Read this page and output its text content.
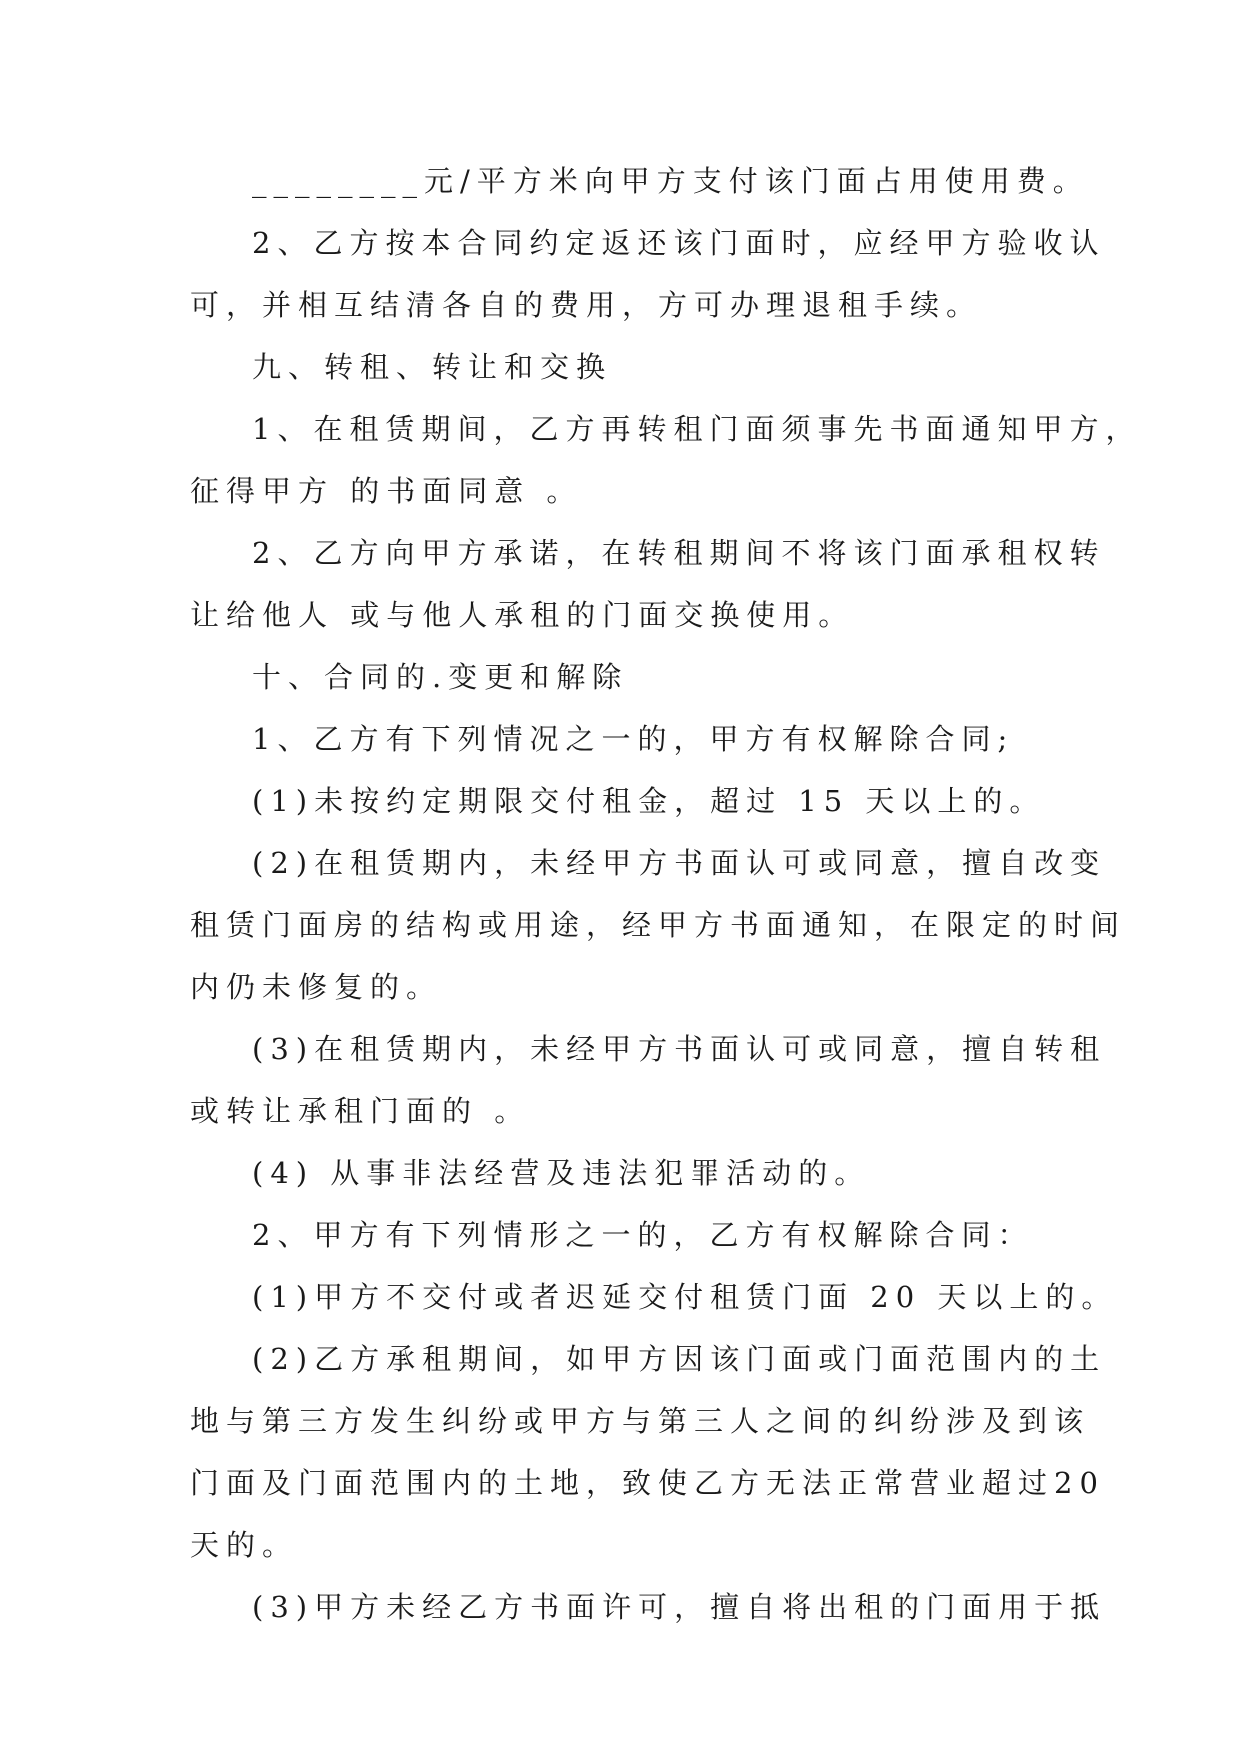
________元/平方米向甲方支付该门面占用使用费。
2、乙方按本合同约定返还该门面时，应经甲方验收认
可，并相互结清各自的费用，方可办理退租手续。
九、转租、转让和交换
1、在租赁期间，乙方再转租门面须事先书面通知甲方，
征得甲方 的书面同意 。
2、乙方向甲方承诺，在转租期间不将该门面承租权转
让给他人 或与他人承租的门面交换使用。
十、合同的.变更和解除
1、乙方有下列情况之一的，甲方有权解除合同;
(1)未按约定期限交付租金，超过 15 天以上的。
(2)在租赁期内，未经甲方书面认可或同意，擅自改变
租赁门面房的结构或用途，经甲方书面通知，在限定的时间
内仍未修复的。
(3)在租赁期内，未经甲方书面认可或同意，擅自转租
或转让承租门面的 。
(4) 从事非法经营及违法犯罪活动的。
2、甲方有下列情形之一的，乙方有权解除合同：
(1)甲方不交付或者迟延交付租赁门面 20 天以上的。
(2)乙方承租期间，如甲方因该门面或门面范围内的土
地与第三方发生纠纷或甲方与第三人之间的纠纷涉及到该
门面及门面范围内的土地，致使乙方无法正常营业超过20
天的。
(3)甲方未经乙方书面许可，擅自将出租的门面用于抵
